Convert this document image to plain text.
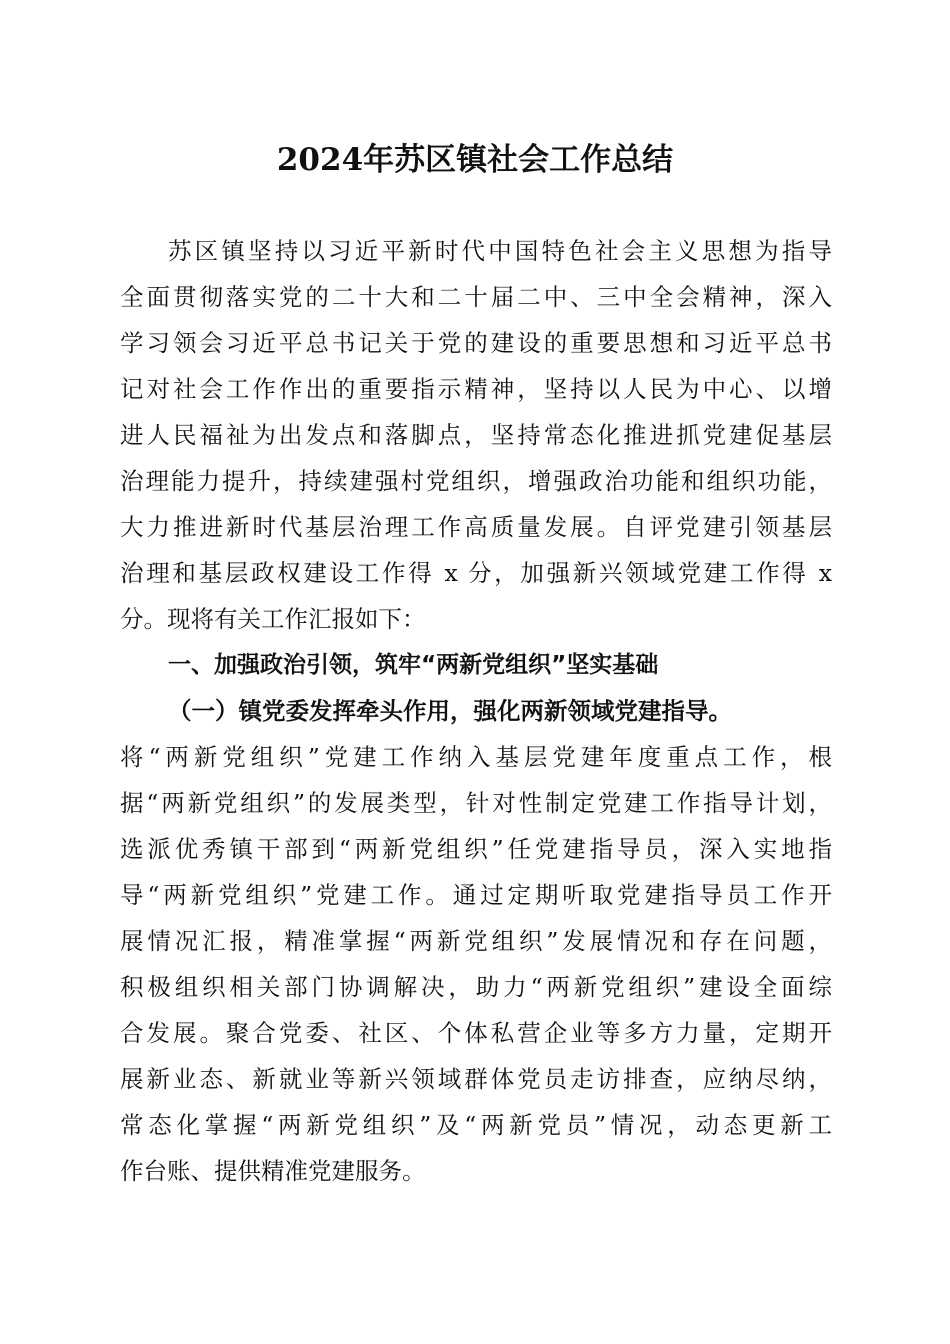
2024年苏区镇社会工作总结
苏区镇坚持以习近平新时代中国特色社会主义思想为指导
全面贯彻落实党的二十大和二十届二中、三中全会精神，深入
学习领会习近平总书记关于党的建设的重要思想和习近平总书
记对社会工作作出的重要指示精神，坚持以人民为中心、以增
进人民福祉为出发点和落脚点，坚持常态化推进抓党建促基层
治理能力提升，持续建强村党组织，增强政治功能和组织功能，
大力推进新时代基层治理工作高质量发展。自评党建引领基层
治理和基层政权建设工作得 x 分，加强新兴领域党建工作得 x
分。现将有关工作汇报如下：
一、加强政治引领，筑牢“两新党组织”坚实基础
（一）镇党委发挥牵头作用，强化两新领域党建指导。
将“两新党组织”党建工作纳入基层党建年度重点工作，根
据“两新党组织”的发展类型，针对性制定党建工作指导计划，
选派优秀镇干部到“两新党组织”任党建指导员，深入实地指
导“两新党组织”党建工作。通过定期听取党建指导员工作开
展情况汇报，精准掌握“两新党组织”发展情况和存在问题，
积极组织相关部门协调解决，助力“两新党组织”建设全面综
合发展。聚合党委、社区、个体私营企业等多方力量，定期开
展新业态、新就业等新兴领域群体党员走访排查，应纳尽纳，
常态化掌握“两新党组织”及“两新党员”情况，动态更新工
作台账、提供精准党建服务。
